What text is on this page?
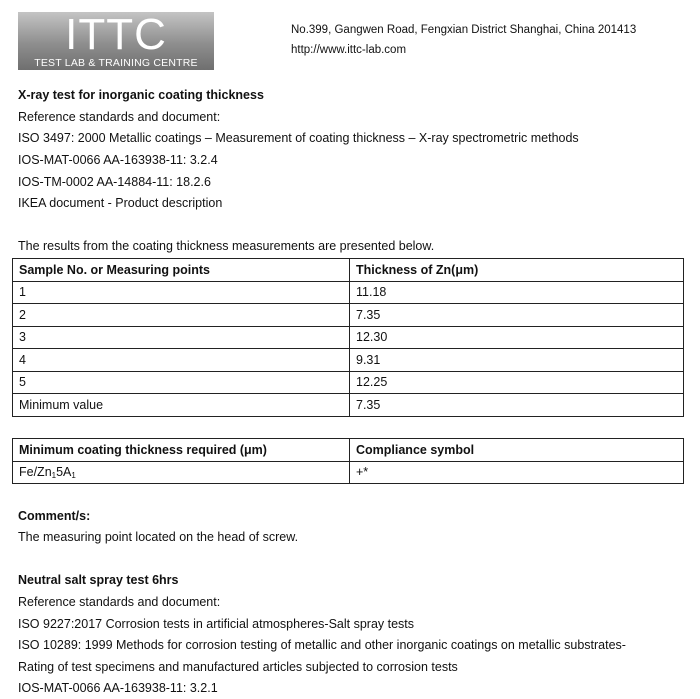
ITTC
TEST LAB & TRAINING CENTRE
No.399, Gangwen Road, Fengxian District Shanghai, China 201413
http://www.ittc-lab.com
X-ray test for inorganic coating thickness
Reference standards and document:
ISO 3497: 2000 Metallic coatings – Measurement of coating thickness – X-ray spectrometric methods
IOS-MAT-0066 AA-163938-11: 3.2.4
IOS-TM-0002 AA-14884-11: 18.2.6
IKEA document - Product description
The results from the coating thickness measurements are presented below.
Sample No. or Measuring points	Thickness of Zn(μm)
1	11.18
2	7.35
3	12.30
4	9.31
5	12.25
Minimum value	7.35
Minimum coating thickness required (μm)	Compliance symbol
$Fe/Zn_15A_1$	+*
Comment/s:
The measuring point located on the head of screw.
Neutral salt spray test 6hrs
Reference standards and document:
ISO 9227:2017 Corrosion tests in artificial atmospheres-Salt spray tests
ISO 10289: 1999 Methods for corrosion testing of metallic and other inorganic coatings on metallic substrates-
Rating of test specimens and manufactured articles subjected to corrosion tests
IOS-MAT-0066 AA-163938-11: 3.2.1
